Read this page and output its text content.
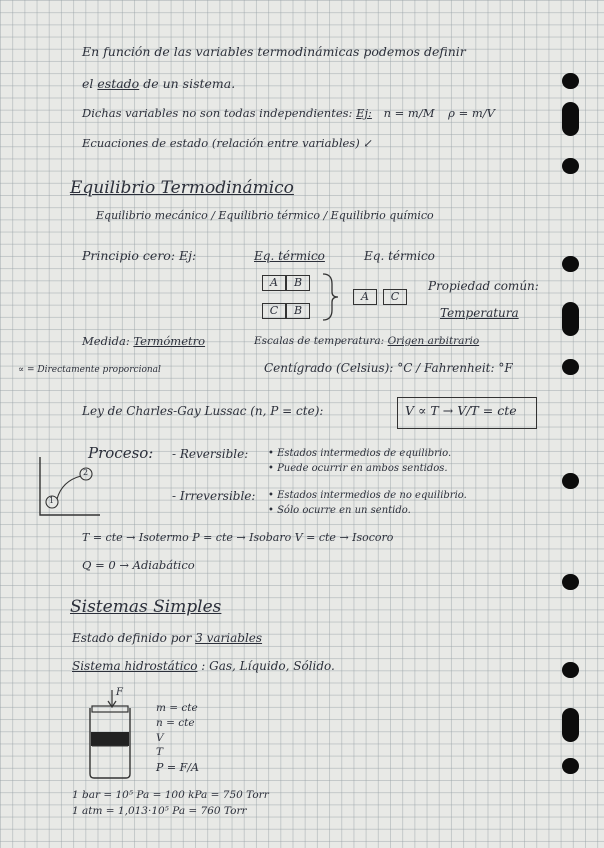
En función de las variables termodinámicas podemos definir
el estado de un sistema.
Dichas variables no son todas independientes: Ej: n = m/M ρ = m/V
Ecuaciones de estado (relación entre variables) ↙
Equilibrio Termodinámico
Equilibrio mecánico / Equilibrio térmico / Equilibrio químico
Principio cero: Ej:	Eq. térmico	Eq. térmico
A	B
C	B
A	C
Propiedad común:
Temperatura
Medida: Termómetro	Escalas de temperatura: Origen arbitrario
∝ = Directamente proporcional	Centígrado (Celsius): °C / Fahrenheit: °F
Ley de Charles-Gay Lussac (n, P = cte):	V ∝ T → V/T = cte
1
2
Proceso: - Reversible: • Estados intermedios de equilibrio.
• Puede ocurrir en ambos sentidos.
- Irreversible: • Estados intermedios de no equilibrio.
• Sólo ocurre en un sentido.
T = cte → Isotermo P = cte → Isobaro V = cte → Isocoro
Q = 0 → Adiabático
Sistemas Simples
Estado definido por 3 variables
Sistema hidrostático : Gas, Líquido, Sólido.
F
m = cte
n = cte
V
T
P = F/A
1 bar = 10⁵ Pa = 100 kPa = 750 Torr
1 atm = 1,013·10⁵ Pa = 760 Torr
